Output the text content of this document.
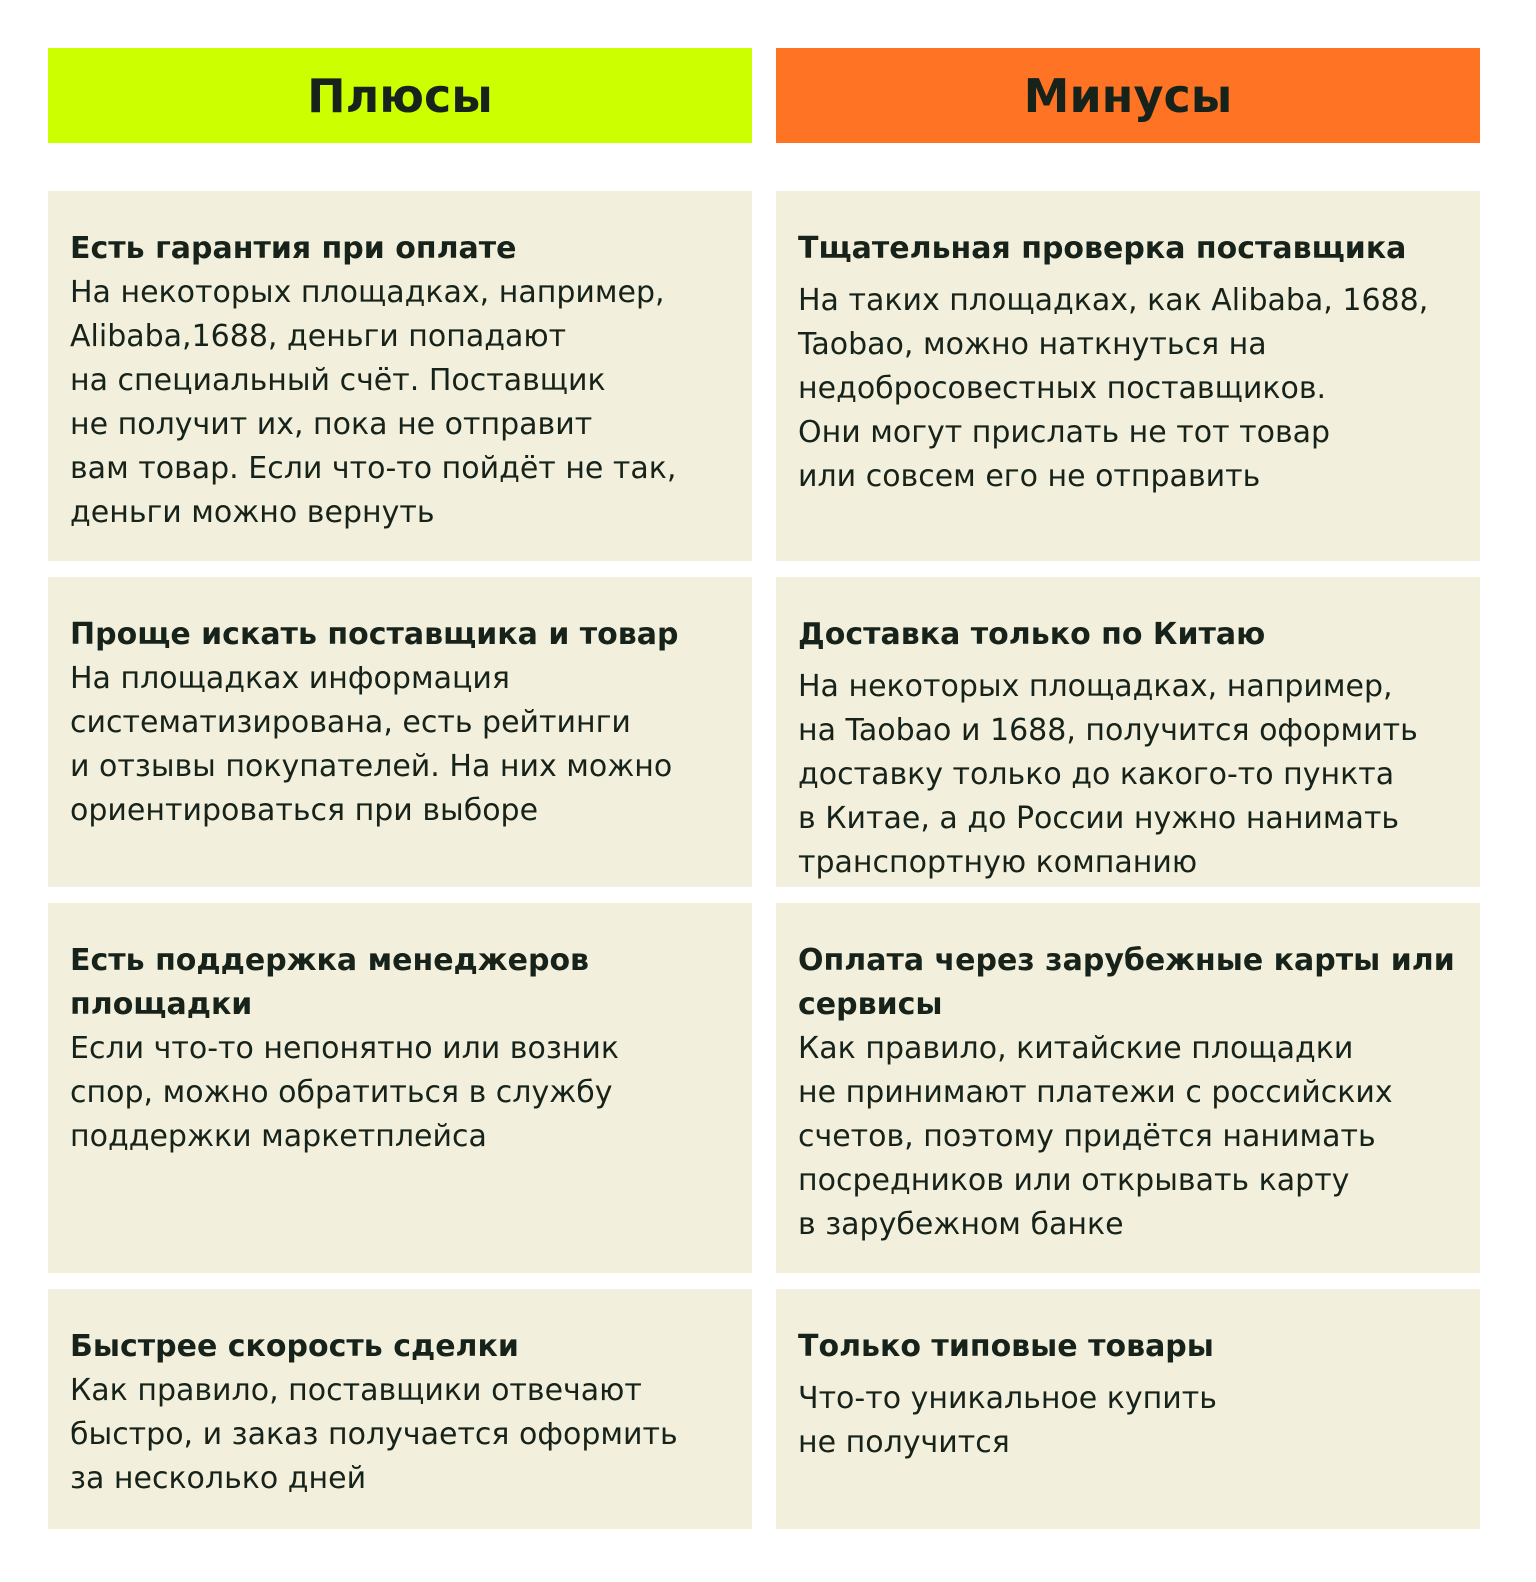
Плюсы	Минусы

Есть гарантия при оплате

На некоторых площадках, например,
Alibaba,1688, деньги попадают
на специальный счёт. Поставщик
не получит их, пока не отправит
вам товар. Если что-то пойдёт не так,
деньги можно вернуть

Проще искать поставщика и товар

На площадках информация
систематизирована, есть рейтинги
и отзывы покупателей. На них можно
ориентироваться при выборе

Есть поддержка менеджеров
площадки

Если что-то непонятно или возник
спор, можно обратиться в службу
поддержки маркетплейса

Быстрее скорость сделки

Как правило, поставщики отвечают
быстро, и заказ получается оформить
за несколько дней

Тщательная проверка поставщика

На таких площадках, как Alibaba, 1688,
Taobao, можно наткнуться на
недобросовестных поставщиков.
Они могут прислать не тот товар
или совсем его не отправить

Доставка только по Китаю

На некоторых площадках, например,
на Taobao и 1688, получится оформить
доставку только до какого-то пункта
в Китае, а до России нужно нанимать
транспортную компанию

Оплата через зарубежные карты или
сервисы

Как правило, китайские площадки
не принимают платежи с российских
счетов, поэтому придётся нанимать
посредников или открывать карту
в зарубежном банке

Только типовые товары

Что-то уникальное купить
не получится
